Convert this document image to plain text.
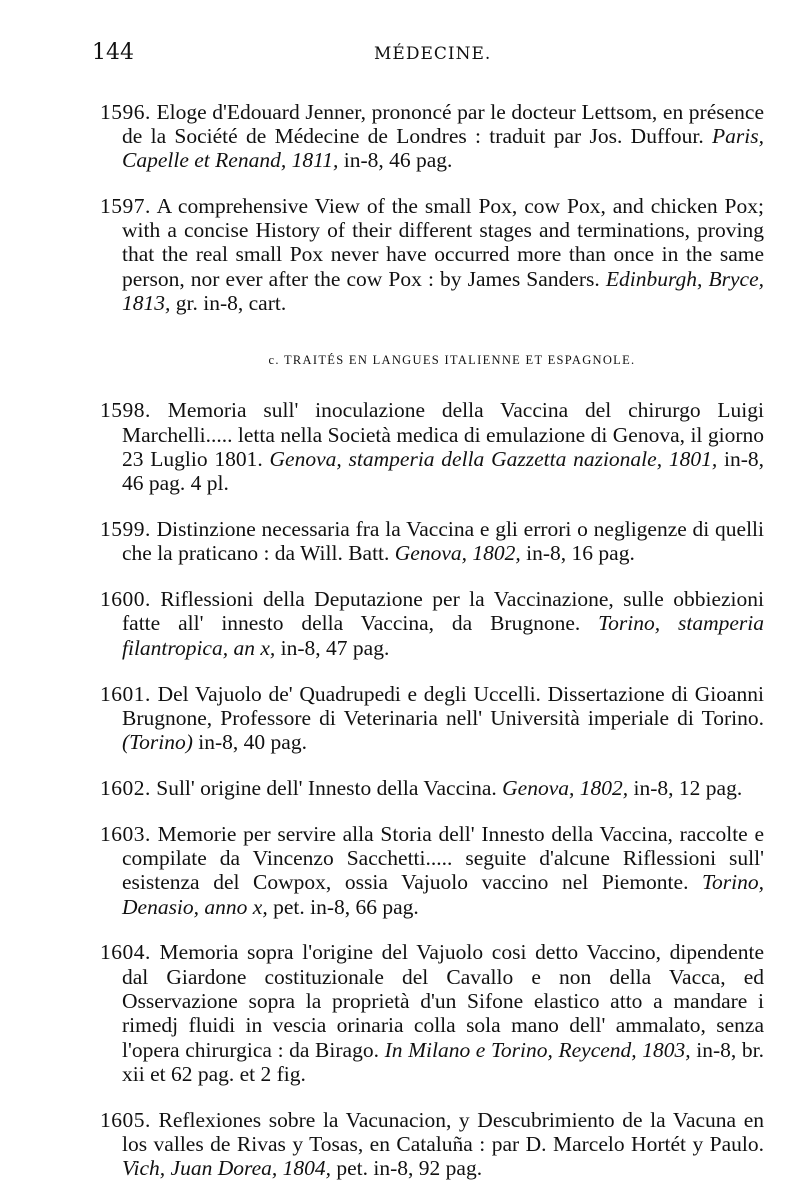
144	MÉDECINE.

1596. Eloge d'Edouard Jenner, prononcé par le docteur Lettsom, en présence de la Société de Médecine de Londres : traduit par Jos. Duffour. Paris, Capelle et Renand, 1811, in-8, 46 pag.

1597. A comprehensive View of the small Pox, cow Pox, and chicken Pox; with a concise History of their different stages and terminations, proving that the real small Pox never have occurred more than once in the same person, nor ever after the cow Pox : by James Sanders. Edinburgh, Bryce, 1813, gr. in-8, cart.

c. TRAITÉS EN LANGUES ITALIENNE ET ESPAGNOLE.

1598. Memoria sull' inoculazione della Vaccina del chirurgo Luigi Marchelli..... letta nella Società medica di emulazione di Genova, il giorno 23 Luglio 1801. Genova, stamperia della Gazzetta nazionale, 1801, in-8, 46 pag. 4 pl.

1599. Distinzione necessaria fra la Vaccina e gli errori o negligenze di quelli che la praticano : da Will. Batt. Genova, 1802, in-8, 16 pag.

1600. Riflessioni della Deputazione per la Vaccinazione, sulle obbiezioni fatte all' innesto della Vaccina, da Brugnone. Torino, stamperia filantropica, an x, in-8, 47 pag.

1601. Del Vajuolo de' Quadrupedi e degli Uccelli. Dissertazione di Gioanni Brugnone, Professore di Veterinaria nell' Università imperiale di Torino. (Torino) in-8, 40 pag.

1602. Sull' origine dell' Innesto della Vaccina. Genova, 1802, in-8, 12 pag.

1603. Memorie per servire alla Storia dell' Innesto della Vaccina, raccolte e compilate da Vincenzo Sacchetti..... seguite d'alcune Riflessioni sull' esistenza del Cowpox, ossia Vajuolo vaccino nel Piemonte. Torino, Denasio, anno x, pet. in-8, 66 pag.

1604. Memoria sopra l'origine del Vajuolo cosi detto Vaccino, dipendente dal Giardone costituzionale del Cavallo e non della Vacca, ed Osservazione sopra la proprietà d'un Sifone elastico atto a mandare i rimedj fluidi in vescia orinaria colla sola mano dell' ammalato, senza l'opera chirurgica : da Birago. In Milano e Torino, Reycend, 1803, in-8, br. xii et 62 pag. et 2 fig.

1605. Reflexiones sobre la Vacunacion, y Descubrimiento de la Vacuna en los valles de Rivas y Tosas, en Cataluña : par D. Marcelo Hortét y Paulo. Vich, Juan Dorea, 1804, pet. in-8, 92 pag.
